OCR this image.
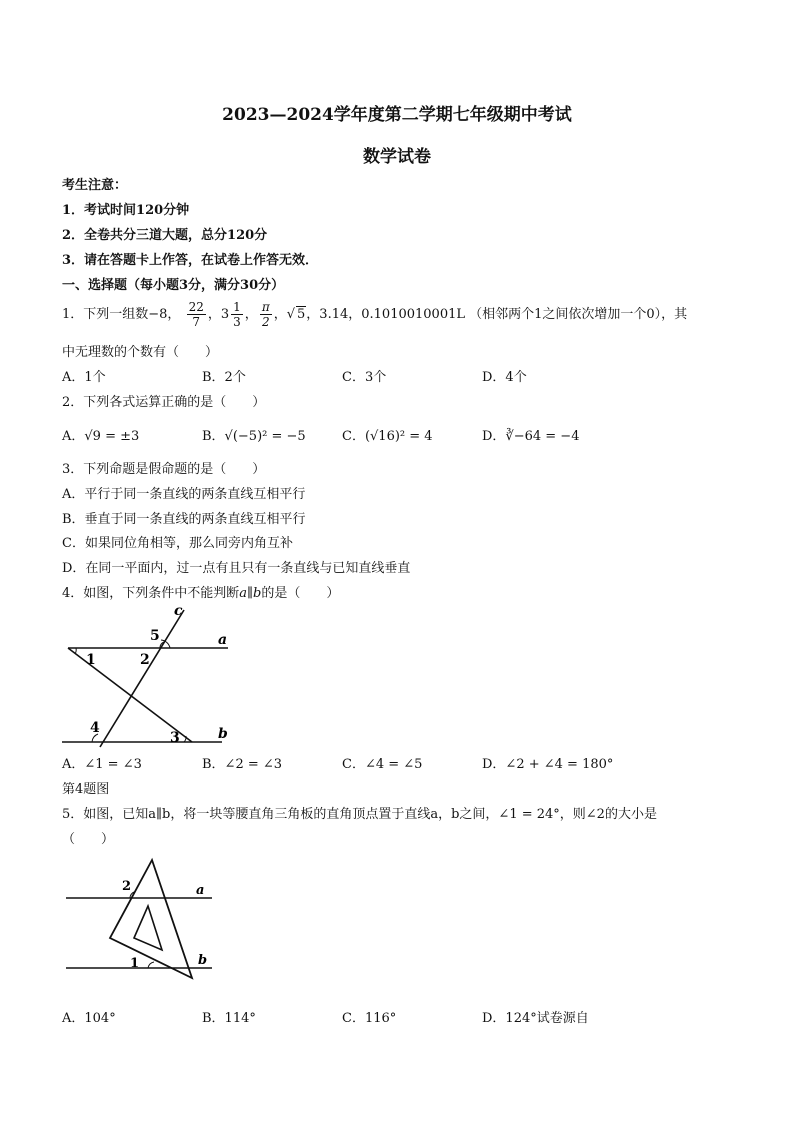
2023—2024学年度第二学期七年级期中考试
数学试卷
考生注意：
1．考试时间120分钟
2．全卷共分三道大题，总分120分
3．请在答题卡上作答，在试卷上作答无效．
一、选择题（每小题3分，满分30分）
1．下列一组数−8， $\frac{22}{7}$ ，$3 \frac{1}{3}$ ， $\frac{\pi}{2}$ ，√ 5，3.14，0.1010010001L （相邻两个1之间依次增加一个0），其
中无理数的个数有（　　）
A．1个	B．2个	C．3个	D．4个
2．下列各式运算正确的是（　　）
A．√9 = ±3	B．√(−5)² = −5	C．(√16)² = 4	D．∛−64 = −4
3．下列命题是假命题的是（　　）
A．平行于同一条直线的两条直线互相平行
B．垂直于同一条直线的两条直线互相平行
C．如果同位角相等，那么同旁内角互补
D．在同一平面内，过一点有且只有一条直线与已知直线垂直
4．如图，下列条件中不能判断a∥b的是（　　）
c
a
b
5
1	2
4
3
A．∠1 = ∠3	B．∠2 = ∠3	C．∠4 = ∠5	D．∠2 + ∠4 = 180°
第4题图
5．如图，已知a∥b，将一块等腰直角三角板的直角顶点置于直线a，b之间，∠1 = 24°，则∠2的大小是
（　　）
2
1
a
b
A．104°	B．114°	C．116°	D．124°试卷源自
